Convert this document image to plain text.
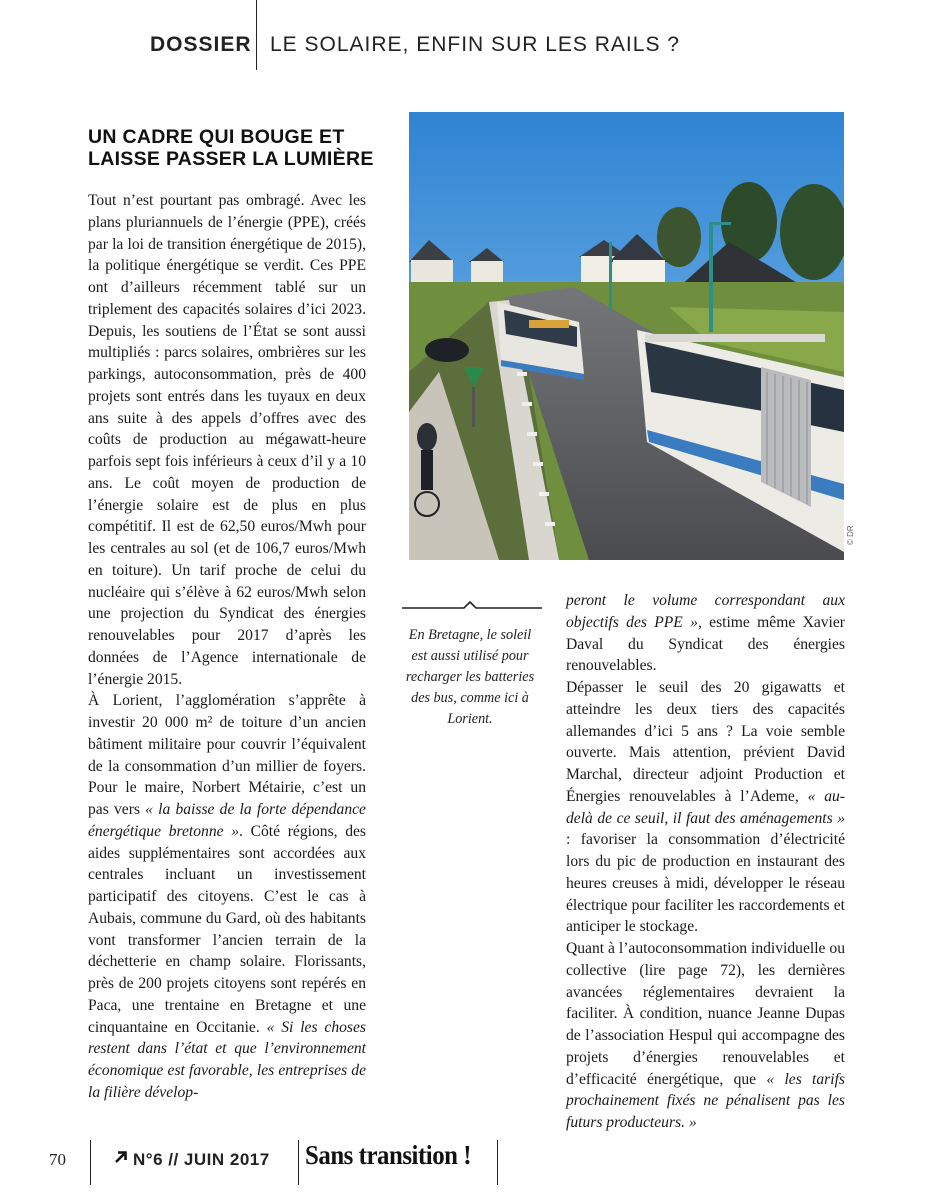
DOSSIER LE SOLAIRE, ENFIN SUR LES RAILS ?
UN CADRE QUI BOUGE ET
LAISSE PASSER LA LUMIÈRE

Tout n’est pourtant pas ombragé. Avec les plans pluriannuels de l’énergie (PPE), créés par la loi de transition énergétique de 2015), la politique énergétique se verdit. Ces PPE ont d’ailleurs récemment tablé sur un triplement des capacités solaires d’ici 2023. Depuis, les soutiens de l’État se sont aussi multipliés : parcs solaires, ombrières sur les parkings, autoconsommation, près de 400 projets sont entrés dans les tuyaux en deux ans suite à des appels d’offres avec des coûts de production au mégawatt-heure parfois sept fois inférieurs à ceux d’il y a 10 ans. Le coût moyen de production de l’énergie solaire est de plus en plus compétitif. Il est de 62,50 euros/Mwh pour les centrales au sol (et de 106,7 euros/Mwh en toiture). Un tarif proche de celui du nucléaire qui s’élève à 62 euros/Mwh selon une projection du Syndicat des énergies renouvelables pour 2017 d’après les données de l’Agence internationale de l’énergie 2015.

À Lorient, l’agglomération s’apprête à investir 20 000 m² de toiture d’un ancien bâtiment militaire pour couvrir l’équivalent de la consommation d’un millier de foyers. Pour le maire, Norbert Métairie, c’est un pas vers « la baisse de la forte dépendance énergétique bretonne ». Côté régions, des aides supplémentaires sont accordées aux centrales incluant un investissement participatif des citoyens. C’est le cas à Aubais, commune du Gard, où des habitants vont transformer l’ancien terrain de la déchetterie en champ solaire. Florissants, près de 200 projets citoyens sont repérés en Paca, une trentaine en Bretagne et une cinquantaine en Occitanie. « Si les choses restent dans l’état et que l’environnement économique est favorable, les entreprises de la filière dévelop-

© DR
En Bretagne, le soleil est aussi utilisé pour recharger les batteries des bus, comme ici à Lorient.

peront le volume correspondant aux objectifs des PPE », estime même Xavier Daval du Syndicat des énergies renouvelables.

Dépasser le seuil des 20 gigawatts et atteindre les deux tiers des capacités allemandes d’ici 5 ans ? La voie semble ouverte. Mais attention, prévient David Marchal, directeur adjoint Production et Énergies renouvelables à l’Ademe, « au-delà de ce seuil, il faut des aménagements » : favoriser la consommation d’électricité lors du pic de production en instaurant des heures creuses à midi, développer le réseau électrique pour faciliter les raccordements et anticiper le stockage.

Quant à l’autoconsommation individuelle ou collective (lire page 72), les dernières avancées réglementaires devraient la faciliter. À condition, nuance Jeanne Dupas de l’association Hespul qui accompagne des projets d’énergies renouvelables et d’efficacité énergétique, que « les tarifs prochainement fixés ne pénalisent pas les futurs producteurs. »

70	N°6 // JUIN 2017 Sans transition !
